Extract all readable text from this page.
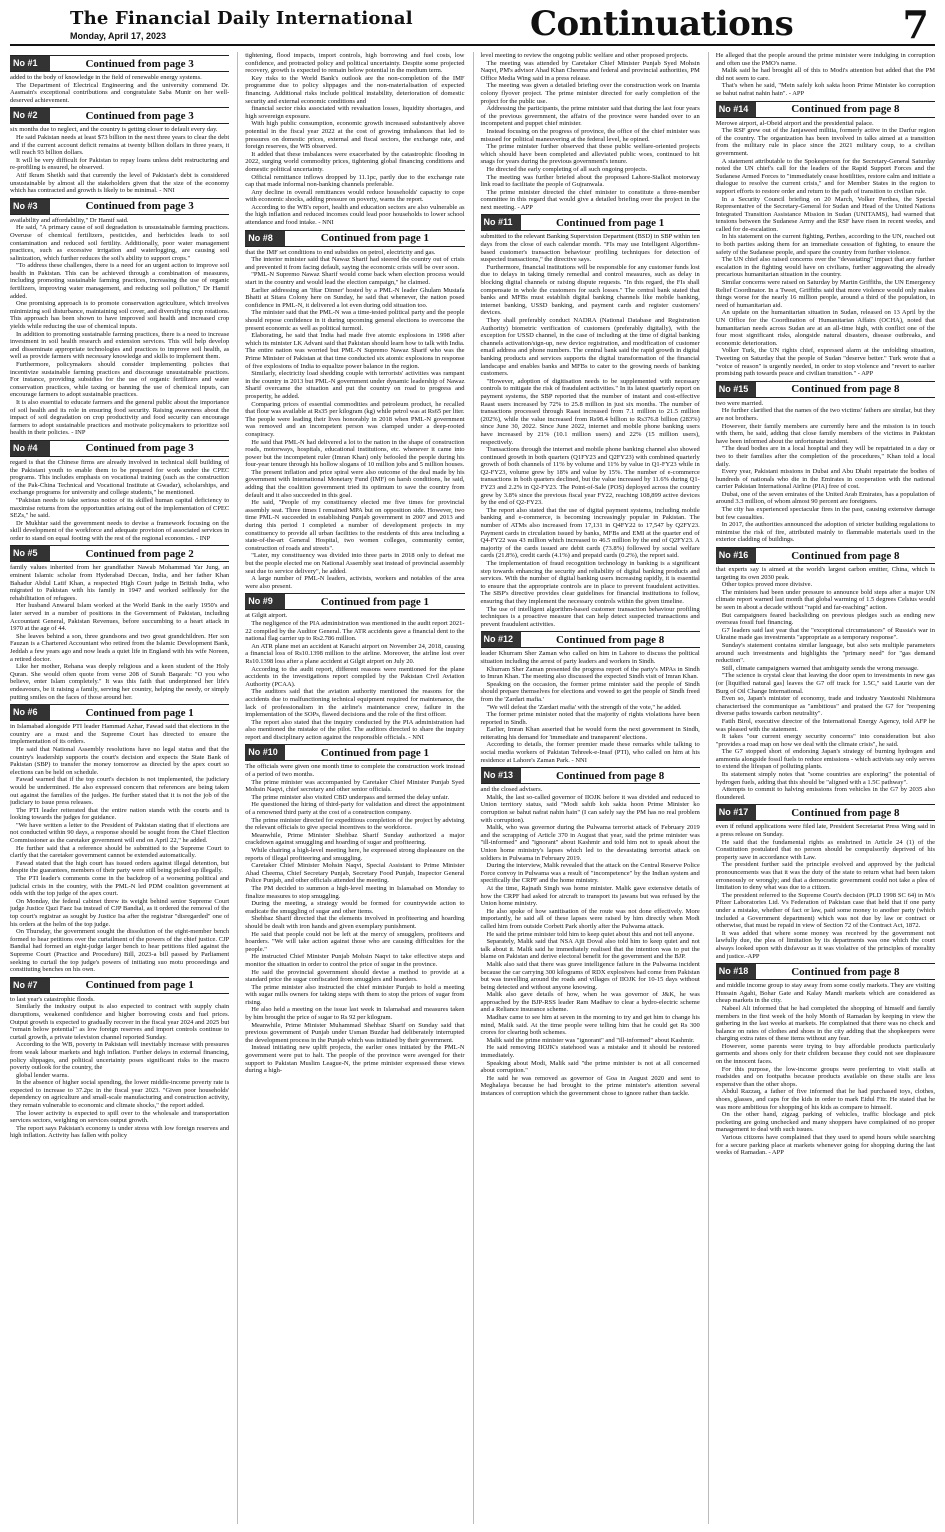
The Financial Daily International
Monday, April 17, 2023	Continuations	7
No #1	Continued from page 3

added to the body of knowledge in the field of renewable energy systems.

The Department of Electrical Engineering and the university commend Dr. Aasmain's exceptional contributions and congratulate Saba Munir on her well-deserved achievement.

No #2	Continued from page 3

six months due to neglect, and the country is getting closer to default every day.

He said Pakistan needs at least $73 billion in the next three years to clear the debt and if the current account deficit remains at twenty billion dollars in three years, it will reach 93 billion dollars.

It will be very difficult for Pakistan to repay loans unless debt restructuring and re-profiling is ensured, he observed.

Atif Ikram Sheikh said that currently the level of Pakistan's debt is considered unsustainable by almost all the stakeholders given that the size of the economy which has contracted and growth is likely to be minimal. - NNI

No #3	Continued from page 3

availability and affordability," Dr Hamif said.

He said, "A primary cause of soil degradation is unsustainable farming practices. Overuse of chemical fertilizers, pesticides, and herbicides leads to soil contamination and reduced soil fertility. Additionally, poor water management practices, such as excessive irrigation and waterlogging, are causing soil salinization, which further reduces the soil's ability to support crops."

"To address these challenges, there is a need for an urgent action to improve soil health in Pakistan. This can be achieved through a combination of measures, including promoting sustainable farming practices, increasing the use of organic fertilizers, improving water management, and reducing soil pollution," Dr Hamif added.

One promising approach is to promote conservation agriculture, which involves minimizing soil disturbance, maintaining soil cover, and diversifying crop rotations. This approach has been shown to have improved soil health and increased crop yields while reducing the use of chemical inputs.

In addition to promoting sustainable farming practices, there is a need to increase investment in soil health research and extension services. This will help develop and disseminate appropriate technologies and practices to improve soil health, as well as provide farmers with necessary knowledge and skills to implement them.

Furthermore, policymakers should consider implementing policies that incentivize sustainable farming practices and discourage unsustainable practices. For instance, providing subsidies for the use of organic fertilizers and water conservation practices, while taxing or banning the use of chemical inputs, can encourage farmers to adopt sustainable practices.

It is also essential to educate farmers and the general public about the importance of soil health and its role in ensuring food security. Raising awareness about the impact of soil degradation on crop productivity and food security can encourage farmers to adopt sustainable practices and motivate policymakers to prioritize soil health in their policies. - INP

No #4	Continued from page 3

regard is that the Chinese firms are already involved in technical skill building of the Pakistani youth to enable them to be prepared for work under the CPEC programs. This includes emphasis on vocational training (such as the construction of the Pak-China Technical and Vocational Institute at Gwadar), scholarships, and exchange programs for university and college students," he mentioned.

"Pakistan needs to take serious notice of its skilled human capital deficiency to maximise returns from the opportunities arising out of the implementation of CPEC SEZs," he said.

Dr Mukhtar said the government needs to devise a framework focusing on the skill development of the workforce and adequate provision of associated services in order to stand on equal footing with the rest of the regional economies. - INP

No #5	Continued from page 2

family values inherited from her grandfather Nawab Mohammad Yar Jung, an eminent Islamic scholar from Hyderabad Deccan, India, and her father Khan Bahadur Abdul Latif Khan, a respected High Court judge in British India, who migrated to Pakistan with his family in 1947 and worked selflessly for the rehabilitation of refugees.

Her husband Anwarul Islam worked at the World Bank in the early 1950's and later served in a number of positions in the Government of Pakistan, including Accountant General, Pakistan Revenues, before succumbing to a heart attack in 1970 at the age of 44.

She leaves behind a son, three grandsons and two great grandchildren. Her son Fauzan is a Chartered Accountant who retired from the Islamic Development Bank, Jeddah a few years ago and now leads a quiet life in England with his wife Noreen, a retired doctor.

Like her mother, Rehana was deeply religious and a keen student of the Holy Quran. She would often quote from verse 208 of Surah Baqarah: "O you who believe, enter Islam completely." It was this faith that underpinned her life's endeavours, be it raising a family, serving her country, helping the needy, or simply putting smiles on the faces of those around her.

No #6	Continued from page 1

in Islamabad alongside PTI leader Hammad Azhar, Fawad said that elections in the country are a must and the Supreme Court has directed to ensure the implementation of its orders.

He said that National Assembly resolutions have no legal status and that the country's leadership supports the court's decision and expects the State Bank of Pakistan (SBP) to transfer the money tomorrow as directed by the apex court so elections can be held on schedule.

Fawad warned that if the top court's decision is not implemented, the judiciary would be undermined. He also expressed concern that references are being taken out against the families of the judges. He further stated that it is not the job of the judiciary to issue press releases.

The PTI leader reiterated that the entire nation stands with the courts and is looking towards the judges for guidance.

"We have written a letter to the President of Pakistan stating that if elections are not conducted within 90 days, a response should be sought from the Chief Election Commissioner as the caretaker government will end on April 22," he added.

He further said that a reference should be submitted to the Supreme Court to clarify that the caretaker government cannot be extended automatically.

Fawad stated that the high court has issued orders against illegal detention, but despite the guarantees, members of their party were still being picked up illegally.

The PTI leader's comments come in the backdrop of a worsening political and judicial crisis in the country, with the PML-N led PDM coalition government at odds with the top judge of the apex court.

On Monday, the federal cabinet threw its weight behind senior Supreme Court judge Justice Qazi Faez Isa instead of CJP Bandial, as it ordered the removal of the top court's registrar as sought by Justice Isa after the registrar "disregarded" one of his orders at the helm of the top judge.

On Thursday, the government sought the dissolution of the eight-member bench formed to hear petitions over the curtailment of the powers of the chief justice. CJP Bandial had formed an eight-judge larger bench to hear petitions filed against the Supreme Court (Practice and Procedure) Bill, 2023-a bill passed by Parliament seeking to curtail the top judge's powers of initiating suo motu proceedings and constituting benches on his own.

No #7	Continued from page 1

to last year's catastrophic floods.

Similarly the industry output is also expected to contract with supply chain disruptions, weakened confidence and higher borrowing costs and fuel prices. Output growth is expected to gradually recover in the fiscal year 2024 and 2025 but "remain below potential" as low foreign reserves and import controls continue to curtail growth, a private television channel reported Sunday.

According to the WB, poverty in Pakistan will inevitably increase with pressures from weak labour markets and high inflation. Further delays in external financing, policy slippages, and political uncertainty poses significant risks to the macro poverty outlook for the country, the

global lender warns.

In the absence of higher social spending, the lower middle-income poverty rate is expected to increase to 37.2pc in the fiscal year 2023. "Given poor households' dependency on agriculture and small-scale manufacturing and construction activity, they remain vulnerable to economic and climate shocks," the report added.

The lower activity is expected to spill over to the wholesale and transportation services sectors, weighing on services output growth.

The report says Pakistan's economy is under stress with low foreign reserves and high inflation. Activity has fallen with policy

tightening, flood impacts, import controls, high borrowing and fuel costs, low confidence, and protracted policy and political uncertainty. Despite some projected recovery, growth is expected to remain below potential in the medium term.

Key risks to the World Bank's outlook are the non-completion of the IMF programme due to policy slippages and the non-materialisation of expected financing. Additional risks include political instability, deterioration of domestic security and external economic conditions and

financial sector risks associated with revaluation losses, liquidity shortages, and high sovereign exposure.

With high public consumption, economic growth increased substantively above potential in the fiscal year 2022 at the cost of growing imbalances that led to pressures on domestic prices, external and fiscal sectors, the exchange rate, and foreign reserves, the WB observed.

It added that these imbalances were exacerbated by the catastrophic flooding in 2022, surging world commodity prices, tightening global financing conditions and domestic political uncertainty.

Official remittance inflows dropped by 11.1pc, partly due to the exchange rate cap that made informal non-banking channels preferable.

Any decline in overall remittances would reduce households' capacity to cope with economic shocks, adding pressure on poverty, warns the report.

According to the WB's report, health and education sectors are also vulnerable as the high inflation and reduced incomes could lead poor households to lower school attendance and food intake. - NNI

No #8	Continued from page 1

that the IMF set conditions to end subsidies on petrol, electricity and gas.

The interior minister said that Nawaz Sharif had steered the country out of crisis and prevented it from facing default, saying the economic crisis will be over soon.

"PML-N Supremo Nawaz Sharif would come back when election process would start in the country and would lead the election campaign," he claimed.

Earlier addressing an 'Iftar Dinner' hosted by a PML-N leader Ghulam Mustafa Bhatti at Sitara Colony here on Sunday, he said that whenever, the nation posed confidence in PML-N, it delivered a lot even during odd situation too.

The minister said that the PML-N was a time-tested political party and the people should repose confidence in it during upcoming general elections to overcome the present economic as well as political turmoil.

Elaborating, he said that India had made five atomic explosions in 1998 after which its minister LK Advani said that Pakistan should learn how to talk with India. The entire nation was worried but PML-N Supremo Nawaz Sharif who was the Prime Minister of Pakistan at that time conducted six atomic explosions in response of five explosions of India to equalize power balance in the region.

Similarly, electricity load shedding couple with terrorists' activities was rampant in the country in 2013 but PML-N government under dynamic leadership of Nawaz Sharif overcame the situation and put the country on road to progress and prosperity, he added.

Comparing prices of essential commodities and petroleum product, he recalled that flour was available at Rs35 per kilogram (kg) while petrol was at Rs65 per liter. The people were leading their lives honorably in 2018 when PML-N government was removed and an incompetent person was clamped under a deep-rooted conspiracy.

He said that PML-N had delivered a lot to the nation in the shape of construction roads, motorways, hospitals, educational institutions, etc. whenever it came into power but the incompetent ruler (Imran Khan) only befooled the people during his four-year tenure through his hollow slogans of 10 million jobs and 5 million houses.

The present inflation and price spiral were also outcome of the deal made by his government with International Monetary Fund (IMF) on harsh conditions, he said, adding that the coalition government tried its optimum to save the country from default and it also succeeded in this goal.

He said, "People of my constituency elected me five times for provincial assembly seat. Three times I remained MPA but on opposition side. However, two time PML-N succeeded in establishing Punjab government in 2007 and 2013 and during this period I completed a number of development projects in my constituency to provide all urban facilities to the residents of this area including a state-of-the-art General Hospital, two women colleges, community center, construction of roads and streets".

"Later, my constituency was divided into three parts in 2018 only to defeat me but the people elected me on National Assembly seat instead of provincial assembly seat due to service delivery", he added.

A large number of PML-N leaders, activists, workers and notables of the area were also present.

No #9	Continued from page 1

at Gilgit airport.

The negligence of the PIA administration was mentioned in the audit report 2021-22 compiled by the Auditor General. The ATR accidents gave a financial dent to the national flag carrier up to Rs2.786 million.

An ATR plane met an accident at Karachi airport on November 24, 2018, causing a financial loss of Rs10.1398 million to the airline. Moreover, the airline lost over Rs10.1398 loss after a plane accident at Gilgit airport on July 20.

According to the audit report, different reasons were mentioned for the plane accidents in the investigations report compiled by the Pakistan Civil Aviation Authority (PCAA).

The auditors said that the aviation authority mentioned the reasons for the accidents due to malfunctioning technical equipment required for maintenance, the lack of professionalism in the airline's maintenance crew, failure in the implementation of the SOPs, flawed decisions and the role of the first officer.

The report also stated that the inquiry conducted by the PIA administration had also mentioned the mistake of the pilot. The auditors directed to share the inquiry report and disciplinary action against the responsible officials. - NNI

No #10	Continued from page 1

The officials were given one month time to complete the construction work instead of a period of two months.

The prime minister was accompanied by Caretaker Chief Minister Punjab Syed Mohsin Naqvi, chief secretary and other senior officials.

The prime minister also visited CBD underpass and termed the delay unfair.

He questioned the hiring of third-party for validation and direct the appointment of a renowned third party at the cost of a construction company.

The prime minister directed for expeditious completion of the project by advising the relevant officials to give special incentives to the workforce.

Meanwhile, Prime Minister Shehbaz Sharif Sunday authorized a major crackdown against smuggling and hoarding of sugar and profiteering.

While chairing a high-level meeting here, he expressed strong displeasure on the reports of illegal profiteering and smuggling.

Caretaker Chief Minister Mohsin Naqvi, Special Assistant to Prime Minister Ahad Cheema, Chief Secretary Punjab, Secretary Food Punjab, Inspector General Police Punjab, and other officials attended the meeting.

The PM decided to summon a high-level meeting in Islamabad on Monday to finalize measures to stop smuggling.

During the meeting, a strategy would be formed for countrywide action to eradicate the smuggling of sugar and other items.

Shehbaz Sharif directed that the elements involved in profiteering and hoarding should be dealt with iron hands and given exemplary punishment.

He said that people could not be left at the mercy of smugglers, profiteers and hoarders. "We will take action against those who are causing difficulties for the people."

He instructed Chief Minister Punjab Mohsin Naqvi to take effective steps and monitor the situation in order to control the price of sugar in the province.

He said the provincial government should devise a method to provide at a standard price the sugar confiscated from smugglers and hoarders.

The prime minister also instructed the chief minister Punjab to hold a meeting with sugar mills owners for taking steps with them to stop the prices of sugar from rising.

He also held a meeting on the issue last week in Islamabad and measures taken by him brought the price of sugar to Rs 92 per kilogram.

Meanwhile, Prime Minister Muhammad Shehbaz Sharif on Sunday said that previous government of Punjab under Usman Buzdar had deliberately interrupted the development process in the Punjab which was initiated by their government.

Instead initiating new uplift projects, the earlier ones initiated by the PML-N government were put to halt. The people of the province were avenged for their support to Pakistan Muslim League-N, the prime minister expressed these views during a high-

level meeting to review the ongoing public welfare and other proposed projects.

The meeting was attended by Caretaker Chief Minister Punjab Syed Mohsin Naqvi, PM's advisor Ahad Khan Cheema and federal and provincial authorities, PM Office Media Wing said in a press release.

The meeting was given a detailed briefing over the construction work on Inamia colony flyover project. The prime minister directed for early completion of the project for the public use.

Addressing the participants, the prime minister said that during the last four years of the previous government, the affairs of the province were handed over to an incompetent and puppet chief minister.

Instead focusing on the progress of province, the office of the chief minister was misused for political maneuvering at the federal level, he opined.

The prime minister further observed that these public welfare-oriented projects which should have been completed and alleviated public woes, continued to hit snags for years during the previous government's tenure.

He directed the early completing of all such ongoing projects.

The meeting was further briefed about the proposed Lahore-Sialkot motorway link road to facilitate the people of Gujranwala.

The prime minister directed the chief minister to constitute a three-member committee in this regard that would give a detailed briefing over the project in the next meeting. - APP

No #11	Continued from page 1

submitted to the relevant Banking Supervision Department (BSD) in SBP within ten days from the close of each calendar month. "FIs may use Intelligent Algorithm-based customer's transaction behaviour profiling techniques for detection of suspected transactions," the directive says.

Furthermore, financial institutions will be responsible for any customer funds lost due to delays in taking timely remedial and control measures, such as delay in blocking digital channels or raising dispute requests. "In this regard, the FIs shall compensate in whole the customers for such losses." The central bank stated that banks and MFBs must establish digital banking channels like mobile banking, internet banking, USSD banking, and payment cards and register customers' devices.

They shall preferably conduct NADRA (National Database and Registration Authority) biometric verification of customers (preferably digitally), with the exception for USSD channel, in the case of including at the time of digital banking channels activation/sign-up, new device registration, and modification of customer email address and phone numbers. The central bank said the rapid growth in digital banking products and services supports the digital transformation of the financial landscape and enables banks and MFBs to cater to the growing needs of banking customers.

"However, adoption of digitisation needs to be supplemented with necessary controls to mitigate the risk of fraudulent activities." In its latest quarterly report on payment systems, the SBP reported that the number of instant and cost-effective Raast users increased by 72% to 25.8 million in just six months. The number of transactions processed through Raast increased from 7.1 million to 21.5 million (202%), while the value increased from Rs98.4 billion to Rs376.8 billion (283%) since June 30, 2022. Since June 2022, internet and mobile phone banking users have increased by 21% (10.1 million users) and 22% (15 million users), respectively.

Transactions through the internet and mobile phone banking channel also showed continued growth in both quarters (Q1FY23 and Q2FY23) with combined quarterly growth of both channels of 11% by volume and 11% by value in Q1-FY23 while in Q2-FY23, volume grew by 18% and value by 15%. The number of e-commerce transactions in both quarters declined, but the value increased by 11.6% during Q1-FY23 and 2.2% in Q2-FY23. The Point-of-Sale (POS) deployed across the country grew by 3.8% since the previous fiscal year FY22, reaching 108,899 active devices by the end of Q2-FY23.

The report also stated that the use of digital payment systems, including mobile banking and e-commerce, is becoming increasingly popular in Pakistan. The number of ATMs also increased from 17,131 in Q4FY22 to 17,547 by Q2FY23. Payment cards in circulation issued by banks, MFBs and EMI at the quarter end of Q4-FY22 was 43 million which increased to 46.5 million by the end of Q2FY23. A majority of the cards issued are debit cards (73.8%) followed by social welfare cards (21.8%), credit cards (4.1%) and prepaid cards (0.2%), the report said.

The implementation of fraud recognition technology in banking is a significant step towards enhancing the security and reliability of digital banking products and services. With the number of digital banking users increasing rapidly, it is essential to ensure that the appropriate controls are in place to prevent fraudulent activities. The SBP's directive provides clear guidelines for financial institutions to follow, ensuring that they implement the necessary controls within the given timeline.

The use of intelligent algorithm-based customer transaction behaviour profiling techniques is a proactive measure that can help detect suspected transactions and prevent fraudulent activities.

No #12	Continued from page 8

leader Khurram Sher Zaman who called on him in Lahore to discuss the political situation including the arrest of party leaders and workers in Sindh.

Khurram Sher Zaman presented the progress report of the party's MPAs in Sindh to Imran Khan. The meeting also discussed the expected Sindh visit of Imran Khan.

Speaking on the occasion, the former prime minister said the people of Sindh should prepare themselves for elections and vowed to get the people of Sindh freed from the 'Zardari mafia.'

"We will defeat the 'Zardari mafia' with the strength of the vote," he added.

The former prime minister noted that the majority of rights violations have been reported in Sindh.

Earlier, Imran Khan asserted that he would form the next government in Sindh, reiterating his demand for 'immediate and transparent' elections.

According to details, the former premier made these remarks while talking to social media workers of Pakistan Tehreek-e-Insaf (PTI), who called on him at his residence at Lahore's Zaman Park. - NNI

No #13	Continued from page 8

and the closed advisers.

Malik, the last so-called governor of IIOJK before it was divided and reduced to Union territory status, said "Modi sahib koh sakta hoon Prime Minister ko corruption se bahut nafrat nahin hain" (I can safely say the PM has no real problem with corruption).

Malik, who was governor during the Pulwama terrorist attack of February 2019 and the scrapping of Article 370 in August that year, said the prime minister was "ill-informed" and "ignorant" about Kashmir and told him not to speak about the Union home ministry's lapses which led to the devastating terrorist attack on soldiers in Pulwama in February 2019.

During the interview, Malik revealed that the attack on the Central Reserve Police Force convoy in Pulwama was a result of "incompetence" by the Indian system and specifically the CRPF and the home ministry.

At the time, Rajnath Singh was home minister. Malik gave extensive details of how the CRPF had asked for aircraft to transport its jawans but was refused by the Union home ministry.

He also spoke of how sanitisation of the route was not done effectively. More importantly, he said all of these lapses were raised by him directly when Modi called him from outside Corbett Park shortly after the Pulwama attack.

He said the prime minister told him to keep quiet about this and not tell anyone.

Separately, Malik said that NSA Ajit Doval also told him to keep quiet and not talk about it. Malik said he immediately realised that the intention was to put the blame on Pakistan and derive electoral benefit for the government and the BJP.

Malik also said that there was grave intelligence failure in the Pulwama incident because the car carrying 300 kilograms of RDX explosives had come from Pakistan but was travelling around the roads and villages of IIOJK for 10-15 days without being detected and without anyone knowing.

Malik also gave details of how, when he was governor of J&K, he was approached by the BJP-RSS leader Ram Madhav to clear a hydro-electric scheme and a Reliance insurance scheme.

Madhav came to see him at seven in the morning to try and get him to change his mind, Malik said. At the time people were telling him that he could get Rs 300 crores for clearing both schemes.

Malik said the prime minister was "ignorant" and "ill-informed" about Kashmir.

He said removing IIOJK's statehood was a mistake and it should be restored immediately.

Speaking about Modi, Malik said "the prime minister is not at all concerned about corruption."

He said he was removed as governor of Goa in August 2020 and sent to Meghalaya because he had brought to the prime minister's attention several instances of corruption which the government chose to ignore rather than tackle.

He alleged that the people around the prime minister were indulging in corruption and often use the PMO's name.

Malik said he had brought all of this to Modi's attention but added that the PM did not seem to care.

That's when he said, "Mein safely koh sakta hoon Prime Minister ko corruption se bahut nafrat nahin hain". - APP

No #14	Continued from page 8

Merowe airport, al-Obeid airport and the presidential palace.

The RSF grew out of the Janjaweed militia, formerly active in the Darfur region of the country. The organization has been involved in talks aimed at a transition from the military rule in place since the 2021 military coup, to a civilian government.

A statement attributable to the Spokesperson for the Secretary-General Saturday noted the UN chief's call for the leaders of the Rapid Support Forces and the Sudanese Armed Forces to "immediately cease hostilities, restore calm and initiate a dialogue to resolve the current crisis," and for Member States in the region to support efforts to restore order and return to the path of transition to civilian rule.

In a Security Council briefing on 20 March, Volker Perthes, the Special Representative of the Secretary-General for Sudan and Head of the United Nations Integrated Transition Assistance Mission in Sudan (UNITAMS), had warned that tensions between the Sudanese Army and the RSF have risen in recent weeks, and called for de-escalation.

In his statement on the current fighting, Perthes, according to the UN, reached out to both parties asking them for an immediate cessation of fighting, to ensure the safety of the Sudanese people, and spare the country from further violence.

The UN chief also raised concerns over the "devastating" impact that any further escalation in the fighting would have on civilians, further aggravating the already precarious humanitarian situation in the country.

Similar concerns were raised on Saturday by Martin Griffiths, the UN Emergency Relief Coordinator. In a Tweet, Griffiths said that more violence would only makes things worse for the nearly 16 million people, around a third of the population, in need of humanitarian aid.

An update on the humanitarian situation in Sudan, released on 13 April by the UN Office for the Coordination of Humanitarian Affairs (OCHA), noted that humanitarian needs across Sudan are at an all-time high, with conflict one of the four most significant risks, alongside natural disasters, disease outbreaks, and economic deterioration.

Volker Turk, the UN rights chief, expressed alarm at the unfolding situation, Tweeting on Saturday that the people of Sudan "deserve better." Turk wrote that a "voice of reason" is urgently needed, in order to stop violence and "revert to earlier promising path towards peace and civilian transition." - APP

No #15	Continued from page 8

two were married.

He further clarified that the names of the two victims' fathers are similar, but they are not brothers.

However, their family members are currently here and the mission is in touch with them, he said, adding that close family members of the victims in Pakistan have been informed about the unfortunate incident.

"The dead bodies are in a local hospital and they will be repatriated in a day or two to their families after the completion of the procedures," Khan told a local daily.

Every year, Pakistani missions in Dubai and Abu Dhabi repatriate the bodies of hundreds of nationals who die in the Emirates in cooperation with the national carrier Pakistan International Airline (PIA) free of cost.

Dubai, one of the seven emirates of the United Arab Emirates, has a population of around 3.3 million, of whom almost 90 percent are foreigners.

The city has experienced spectacular fires in the past, causing extensive damage but few casualties.

In 2017, the authorities announced the adoption of stricter building regulations to minimise the risk of fire, attributed mainly to flammable materials used in the exterior cladding of buildings.

No #16	Continued from page 8

that experts say is aimed at the world's largest carbon emitter, China, which is targeting its own 2030 peak.

Other topics proved more divisive.

The ministers had been under pressure to announce bold steps after a major UN climate report warned last month that global warming of 1.5 degrees Celsius would be seen in about a decade without "rapid and far-reaching" action.

But campaigners feared backsliding on previous pledges such as ending new overseas fossil fuel financing.

G7 leaders said last year that the "exceptional circumstances" of Russia's war in Ukraine made gas investments "appropriate as a temporary response".

Sunday's statement contains similar language, but also sets multiple parameters around such investments and highlights the "primary need" for "gas demand reduction".

Still, climate campaigners warned that ambiguity sends the wrong message.

"The science is crystal clear that leaving the door open to investments in new gas (or [liquified natural gas] leaves the G7 off track for 1.5C," said Laurie van der Burg of Oil Change International.

Even so, Japan's minister of economy, trade and industry Yasutoshi Nishimura characterised the communique as "ambitious" and praised the G7 for "reopening diverse paths towards carbon neutrality".

Fatih Birol, executive director of the International Energy Agency, told AFP he was pleased with the statement.

It takes "our current energy security concerns" into consideration but also "provides a road map on how we deal with the climate crisis", he said.

The G7 stopped short of endorsing Japan's strategy of burning hydrogen and ammonia alongside fossil fuels to reduce emissions - which activists say only serves to extend the lifespan of polluting plants.

Its statement simply notes that "some countries are exploring" the potential of hydrogen fuels, adding that this should be "aligned with a 1.5C pathway".

Attempts to commit to halving emissions from vehicles in the G7 by 2035 also floundered.

No #17	Continued from page 8

even if refund applications were filed late, President Secretariat Press Wing said in a press release on Sunday.

He said that the fundamental rights as enshrined in Article 24 (1) of the Constitution postulated that no person should be compulsorily deprived of his property save in accordance with Law.

The president further said the principle evolved and approved by the judicial pronouncements was that it was the duty of the state to return what had been taken erroneously or wrongly; and that a democratic government could not take a plea of limitation to deny what was due to a citizen.

The president referred to the Supreme Court's decision (PLD 1998 SC 64) in M/s Pfizer Laboratories Ltd. Vs Federation of Pakistan case that held that if one party under a mistake, whether of fact or law, paid some money to another party (which included a Government department) which was not due by law or contract or otherwise, that must be repaid in view of Section 72 of the Contract Act, 1872.

It was added that where some money was received by the government not lawfully due, the plea of limitation by its departments was one which the court always looked upon with disfavour as it was violative of the principles of morality and justice.-APP

No #18	Continued from page 8

and middle income group to stay away from some costly markets. They are visiting Hussain Agahi, Bohar Gate and Kalay Mandi markets which are considered as cheap markets in the city.

Nabeel Ali informed that he had completed the shopping of himself and family members in the first week of the holy Month of Ramadan by keeping in view the gathering in the last weeks at markets. He complained that there was no check and balance on rates of clothes and shoes in the city adding that the shopkeepers were charging extra rates of these items without any fear.

However, some parents were trying to buy affordable products particularly garments and shoes only for their children because they could not see displeasure on the innocent faces.

For this purpose, the low-income groups were preferring to visit stalls at roadsides and on footpaths because products available on these stalls are less expensive than the other shops.

Abdul Razzaq, a father of five informed that he had purchased toys, clothes, shoes, glasses, and caps for the kids in order to mark Eidul Fitr. He stated that he was more ambitious for shopping of his kids as compare to himself.

On the other hand, zigzag parking of vehicles, traffic blockage and pick pocketing are going unchecked and many shoppers have complained of no proper management to deal with such issues.

Various citizens have complained that they used to spend hours while searching for a secure parking place at markets whenever going for shopping during the last weeks of Ramadan. - APP
